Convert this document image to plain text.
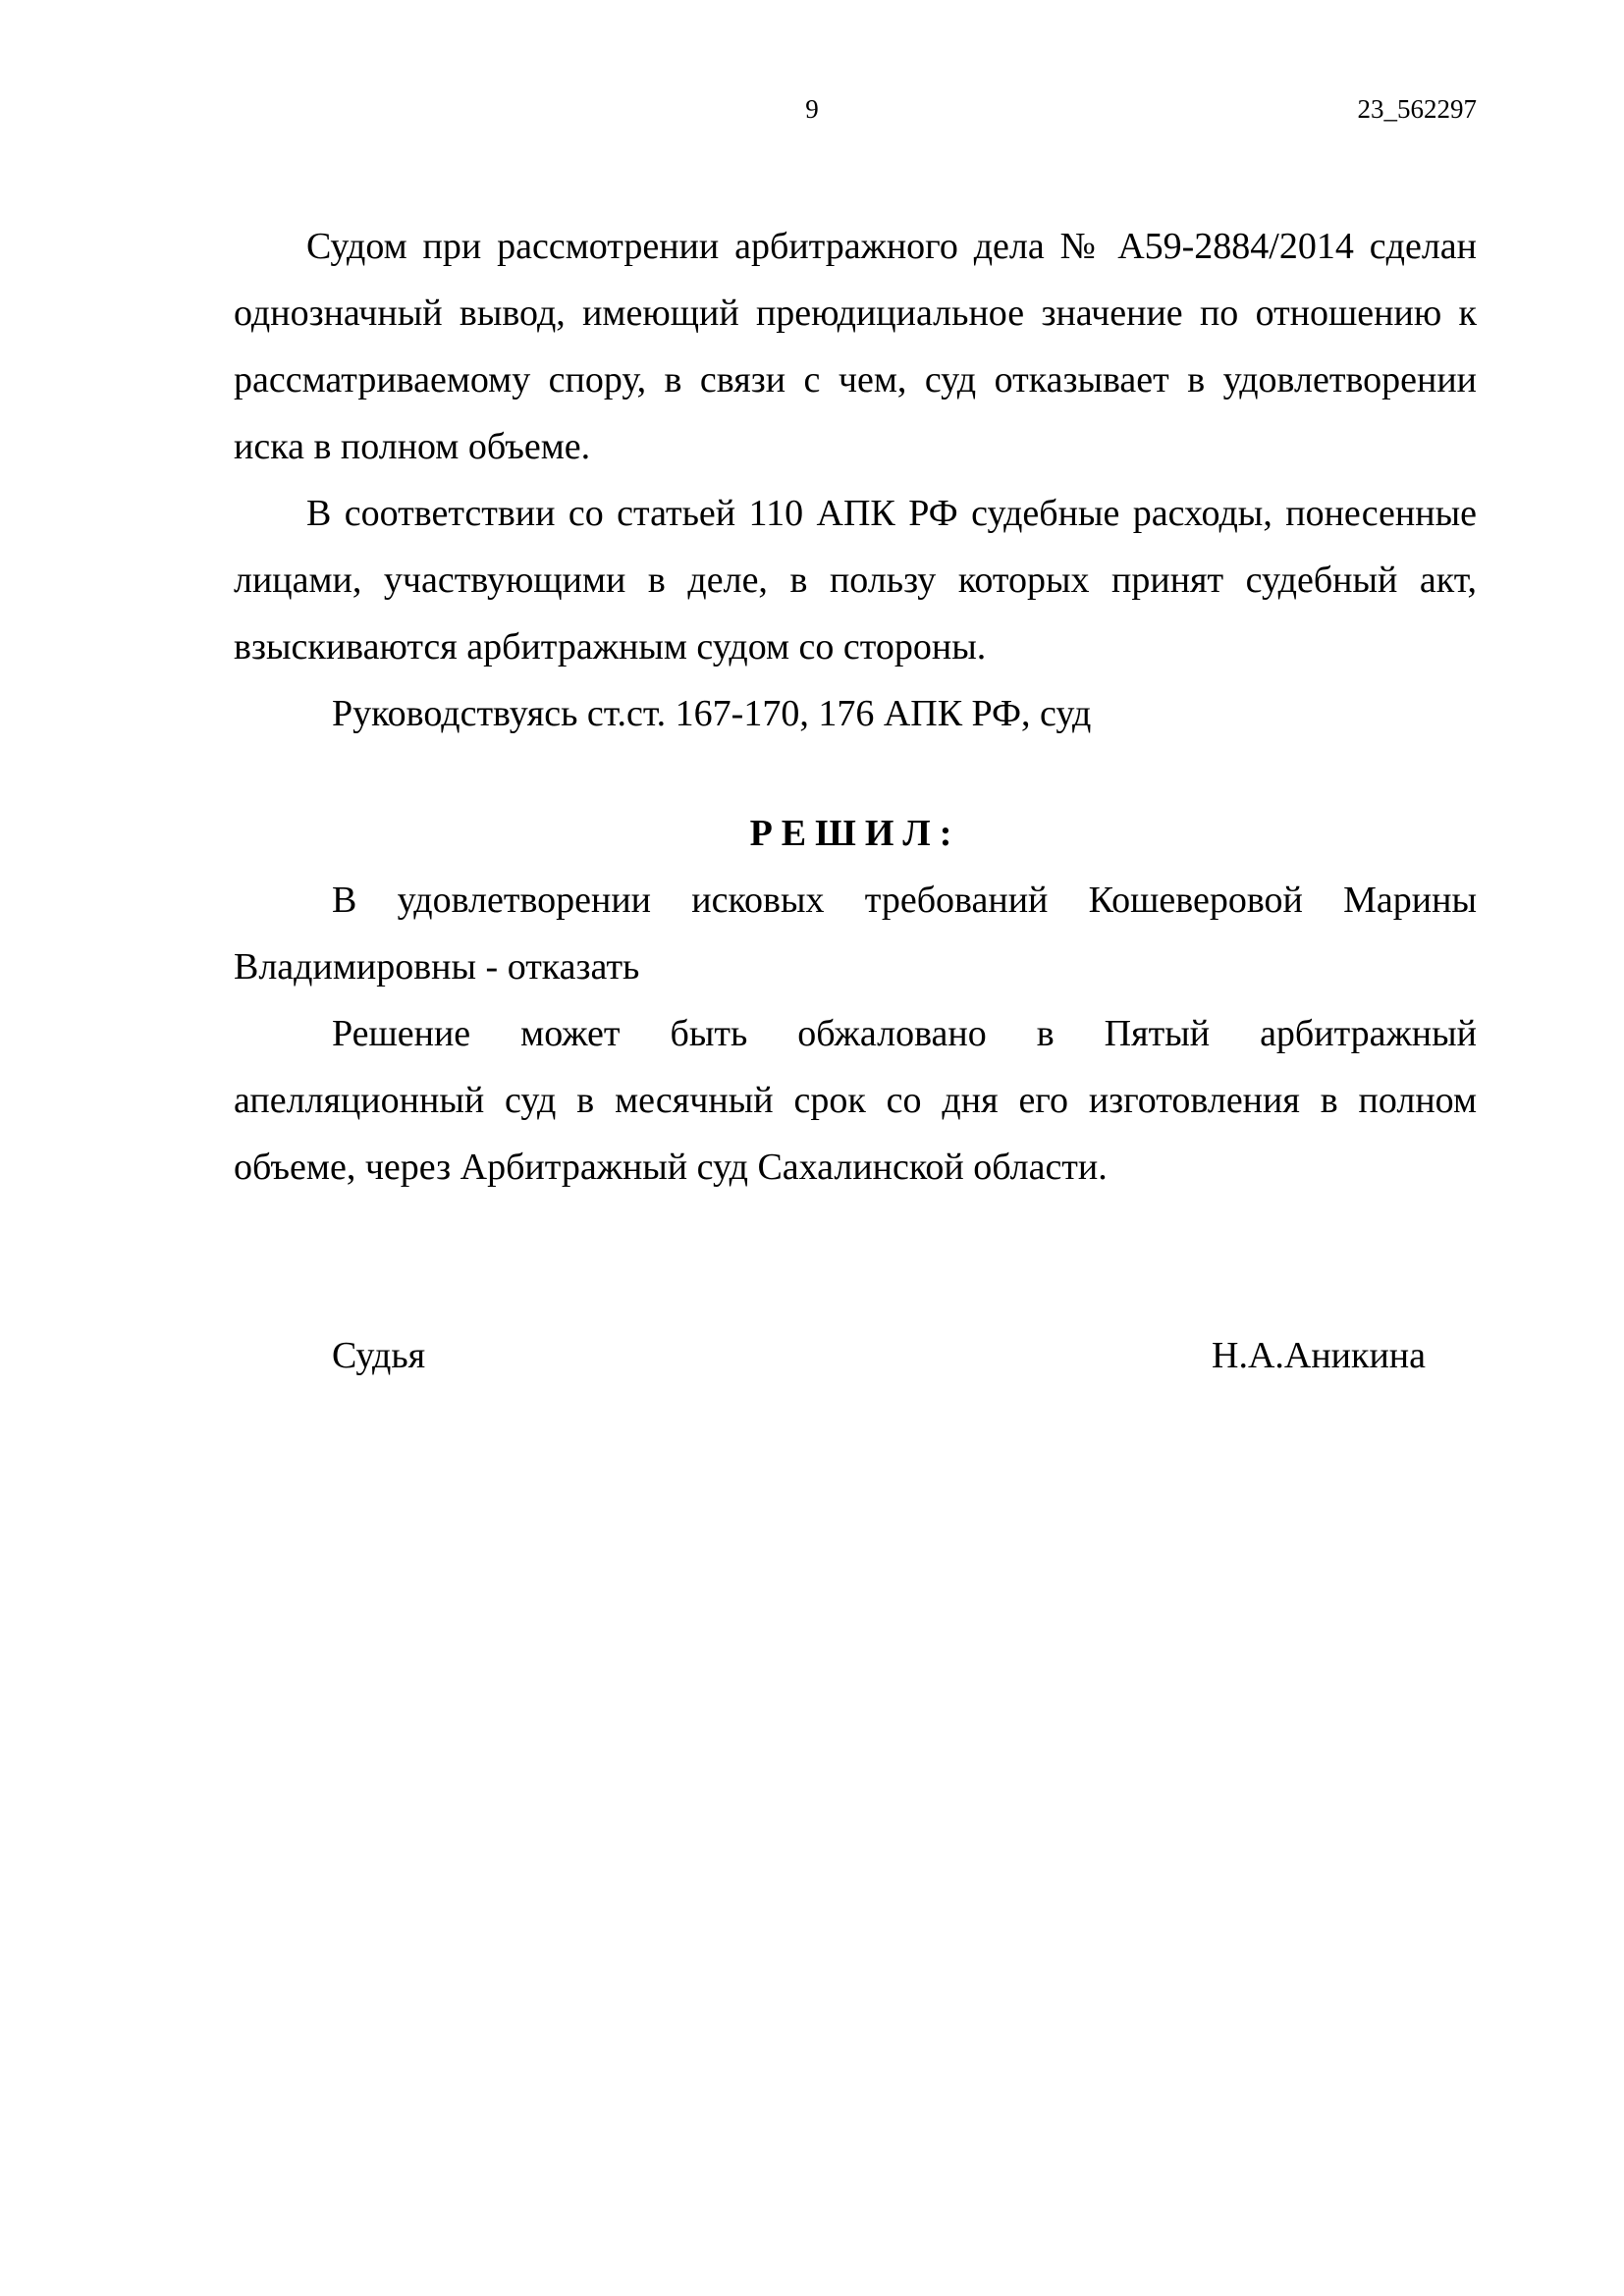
9	23_562297

Судом при рассмотрении арбитражного дела № А59-2884/2014 сделан однозначный вывод, имеющий преюдициальное значение по отношению к рассматриваемому спору, в связи с чем, суд отказывает в удовлетворении иска в полном объеме.

В соответствии со статьей 110 АПК РФ судебные расходы, понесенные лицами, участвующими в деле, в пользу которых принят судебный акт, взыскиваются арбитражным судом со стороны.

Руководствуясь ст.ст. 167-170, 176 АПК РФ, суд

РЕШИЛ:

В удовлетворении исковых требований Кошеверовой Марины Владимировны - отказать

Решение может быть обжаловано в Пятый арбитражный апелляционный суд в месячный срок со дня его изготовления в полном объеме, через Арбитражный суд Сахалинской области.

Судья	Н.А.Аникина
